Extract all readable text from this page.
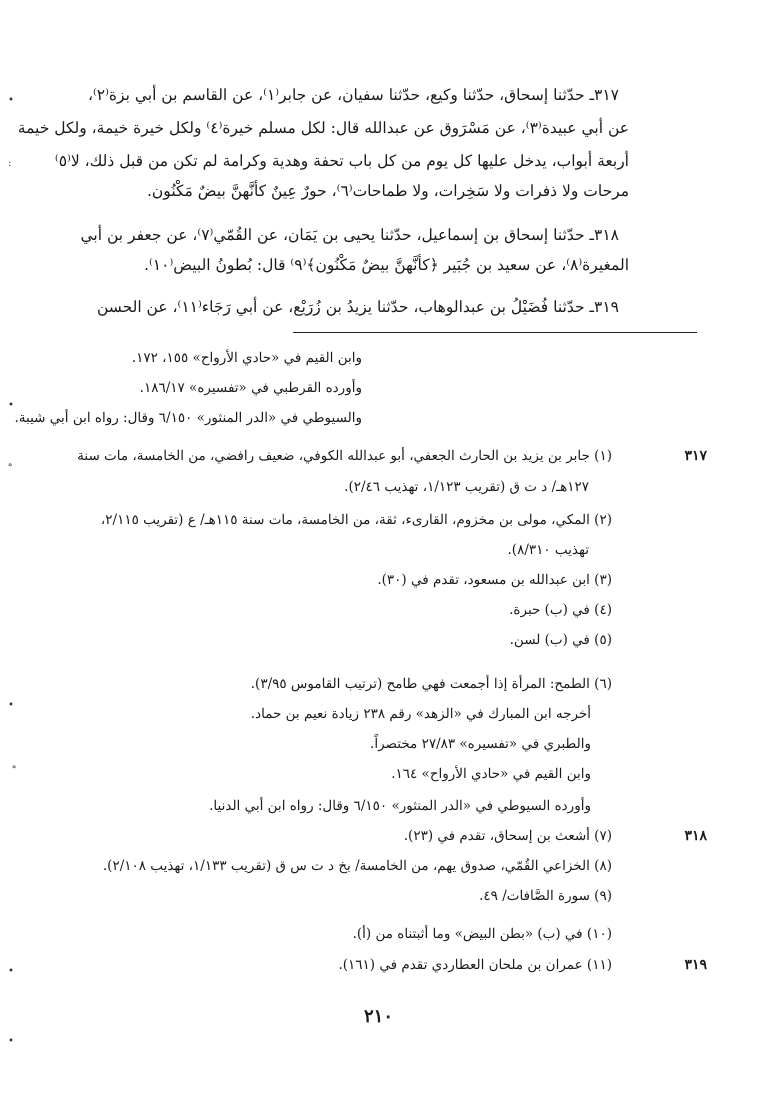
٣١٧ـ حدّثنا إسحاق، حدّثنا وكيع، حدّثنا سفيان، عن جابر⁽١⁾، عن القاسم بن أبي بزة⁽٢⁾،
عن أبي عبيدة⁽٣⁾، عن مَسْرَوق عن عبدالله قال: لكل مسلم خيرة⁽٤⁾ ولكل خيرة خيمة، ولكل خيمة
أربعة أبواب، يدخل عليها كل يوم من كل باب تحفة وهدية وكرامة لم تكن من قبل ذلك، لا⁽٥⁾
مرحات ولا ذفرات ولا سَخِرات، ولا طماحات⁽٦⁾، حورٌ عِينٌ كأنَّهنَّ بيضٌ مَكْنُون.
٣١٨ـ حدّثنا إسحاق بن إسماعيل، حدّثنا يحيى بن يَمَان، عن القُمّي⁽٧⁾، عن جعفر بن أبي
المغيرة⁽٨⁾، عن سعيد بن جُبَير ﴿كأنَّهنَّ بيضٌ مَكْنُون﴾⁽٩⁾ قال: بُطونُ البيض⁽١٠⁾.
٣١٩ـ حدّثنا فُضَيْلُ بن عبدالوهاب، حدّثنا يزيدُ بن زُرَيْع، عن أبي رَجَاء⁽١١⁾، عن الحسن
وابن القيم في «حادي الأرواح» ١٥٥، ١٧٢.
وأورده القرطبي في «تفسيره» ١٨٦/١٧.
والسيوطي في «الدر المنثور» ٦/١٥٠ وقال: رواه ابن أبي شيبة.
(١) جابر بن يزيد بن الحارث الجعفي، أبو عبدالله الكوفي، ضعيف رافضي، من الخامسة، مات سنة
١٢٧هـ/ د ت ق (تقريب ١/١٢٣، تهذيب ٢/٤٦).
(٢) المكي، مولى بن مخزوم، القارىء، ثقة، من الخامسة، مات سنة ١١٥هـ/ ع (تقريب ٢/١١٥،
تهذيب ٨/٣١٠).
(٣) ابن عبدالله بن مسعود، تقدم في (٣٠).
(٤) في (ب) حبرة.
(٥) في (ب) لسن.
(٦) الطمح: المرأة إذا أجمعت فهي طامح (ترتيب القاموس ٣/٩٥).
أخرجه ابن المبارك في «الزهد» رقم ٢٣٨ زيادة نعيم بن حماد.
والطبري في «تفسيره» ٢٧/٨٣ مختصراً.
وابن القيم في «حادي الأرواح» ١٦٤.
وأورده السيوطي في «الدر المنثور» ٦/١٥٠ وقال: رواه ابن أبي الدنيا.
(٧) أشعث بن إسحاق، تقدم في (٢٣).
(٨) الخزاعي القُمّي، صدوق يهم، من الخامسة/ بخ د ت س ق (تقريب ١/١٣٣، تهذيب ٢/١٠٨).
(٩) سورة الصَّافات/ ٤٩.
(١٠) في (ب) «بطن البيض» وما أثبتناه من (أ).
(١١) عمران بن ملحان العطاردي تقدم في (١٦١).
٣١٧
٣١٨
٣١٩
٢١٠
•
:
•
॰
•
॰
•
•
